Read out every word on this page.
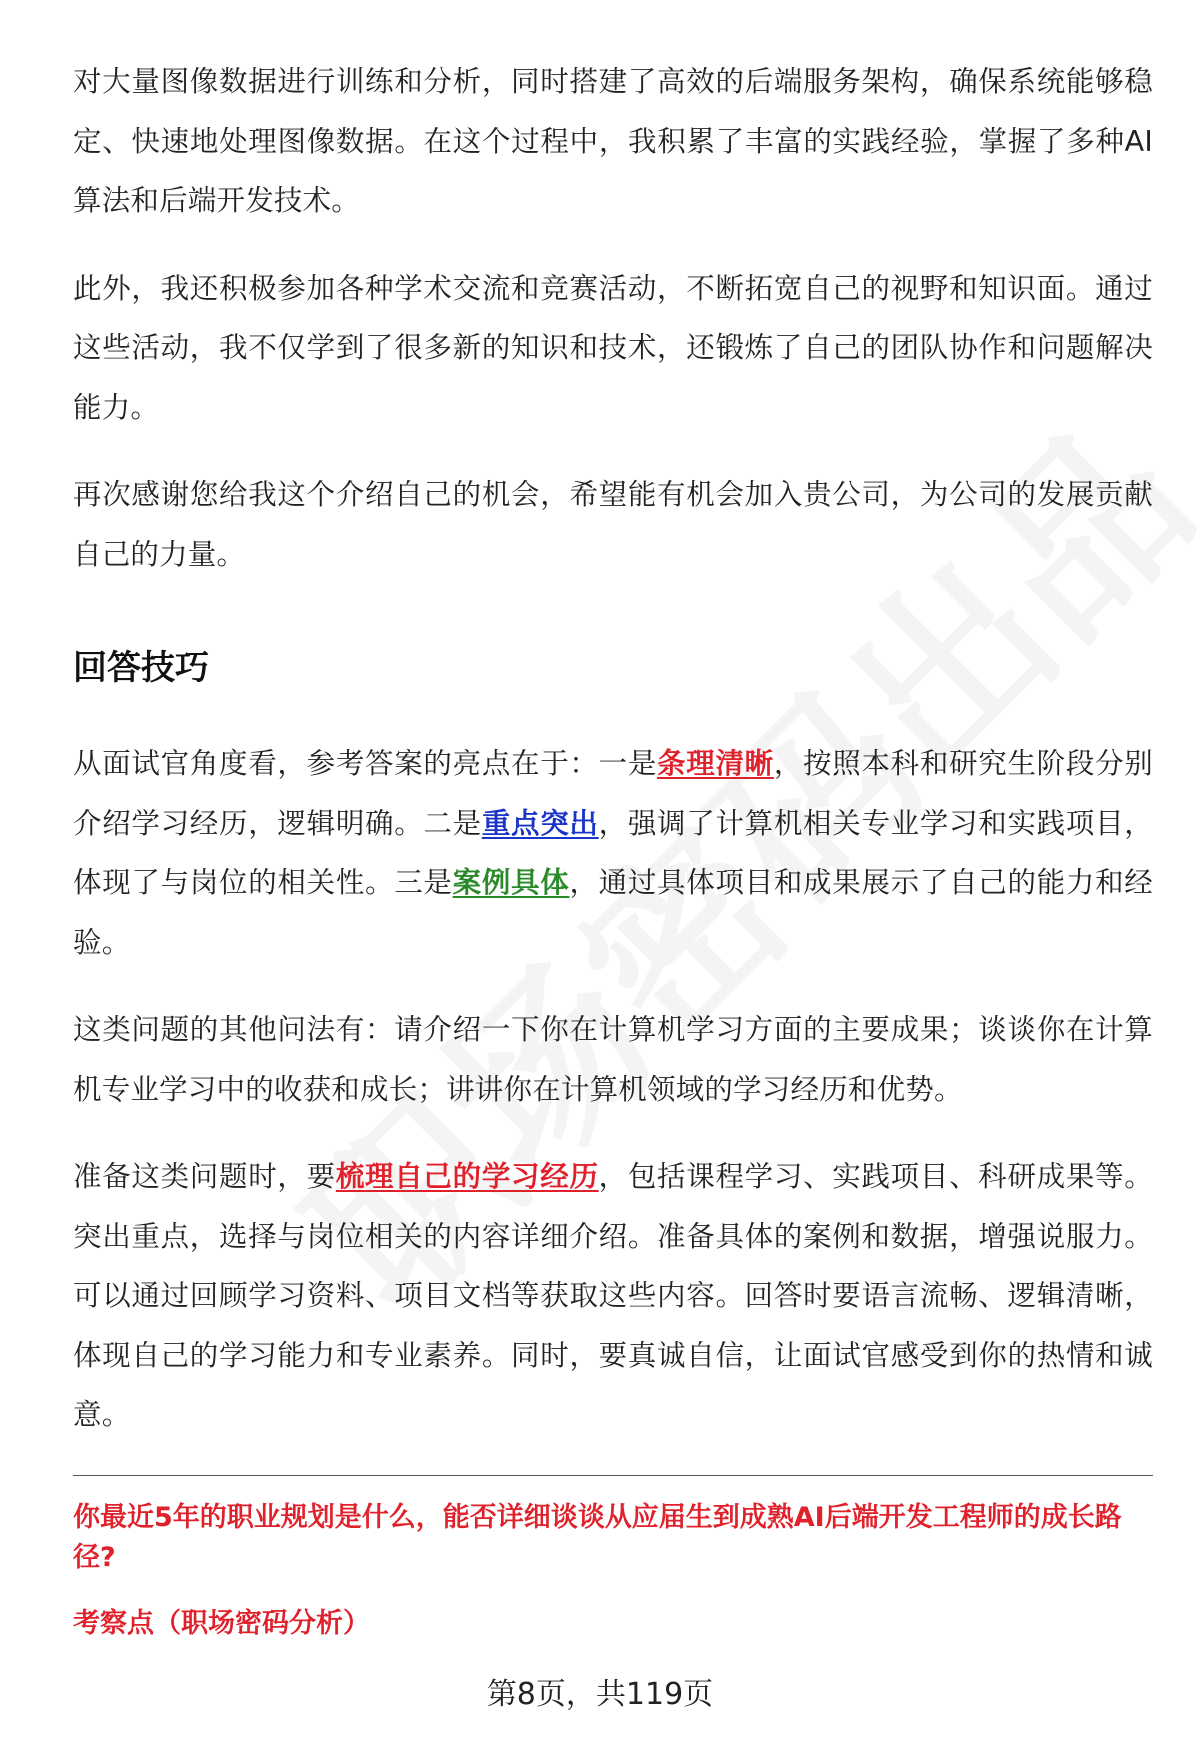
对大量图像数据进行训练和分析，同时搭建了高效的后端服务架构，确保系统能够稳定、快速地处理图像数据。在这个过程中，我积累了丰富的实践经验，掌握了多种AI算法和后端开发技术。

此外，我还积极参加各种学术交流和竞赛活动，不断拓宽自己的视野和知识面。通过这些活动，我不仅学到了很多新的知识和技术，还锻炼了自己的团队协作和问题解决能力。

再次感谢您给我这个介绍自己的机会，希望能有机会加入贵公司，为公司的发展贡献自己的力量。

回答技巧

从面试官角度看，参考答案的亮点在于：一是条理清晰，按照本科和研究生阶段分别介绍学习经历，逻辑明确。二是重点突出，强调了计算机相关专业学习和实践项目，体现了与岗位的相关性。三是案例具体，通过具体项目和成果展示了自己的能力和经验。

这类问题的其他问法有：请介绍一下你在计算机学习方面的主要成果；谈谈你在计算机专业学习中的收获和成长；讲讲你在计算机领域的学习经历和优势。

准备这类问题时，要梳理自己的学习经历，包括课程学习、实践项目、科研成果等。突出重点，选择与岗位相关的内容详细介绍。准备具体的案例和数据，增强说服力。可以通过回顾学习资料、项目文档等获取这些内容。回答时要语言流畅、逻辑清晰，体现自己的学习能力和专业素养。同时，要真诚自信，让面试官感受到你的热情和诚意。

你最近5年的职业规划是什么，能否详细谈谈从应届生到成熟AI后端开发工程师的成长路径?
考察点（职场密码分析）
第8页，共119页
